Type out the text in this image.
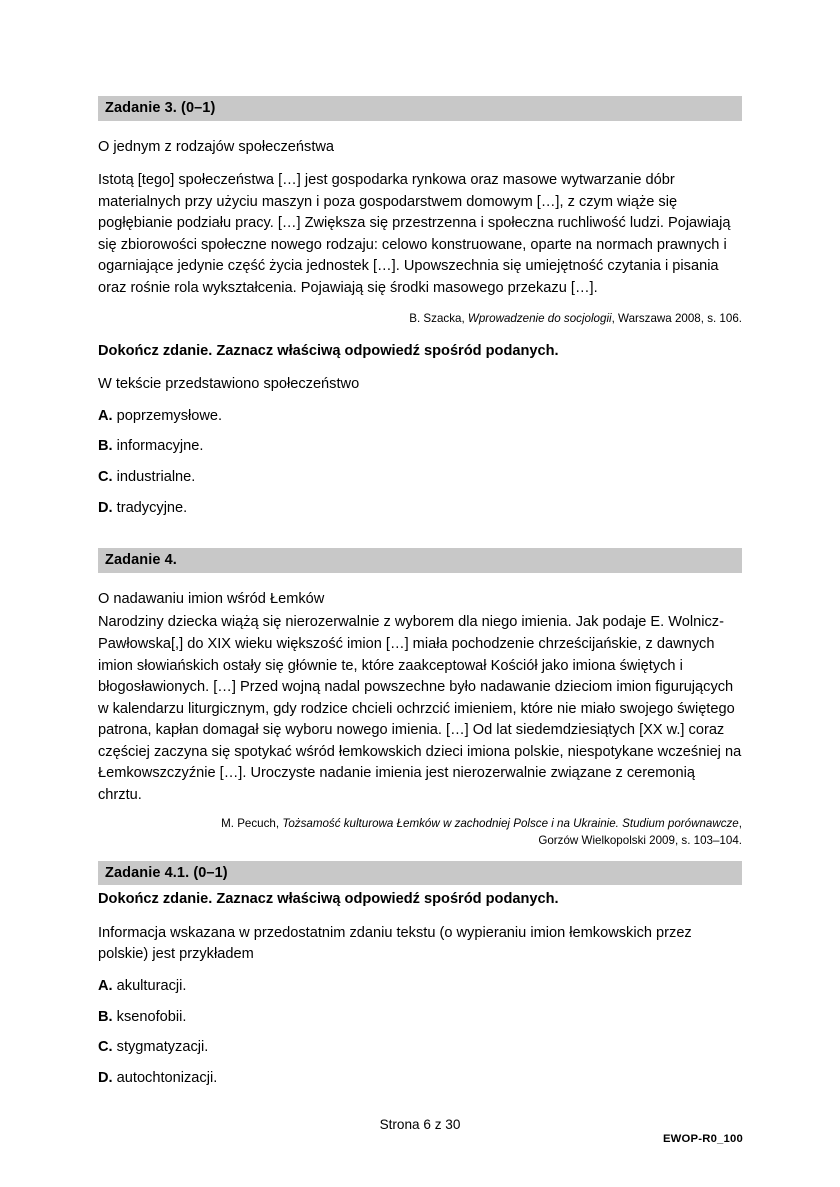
Zadanie 3. (0–1)
O jednym z rodzajów społeczeństwa
Istotą [tego] społeczeństwa […] jest gospodarka rynkowa oraz masowe wytwarzanie dóbr materialnych przy użyciu maszyn i poza gospodarstwem domowym […], z czym wiąże się pogłębianie podziału pracy. […] Zwiększa się przestrzenna i społeczna ruchliwość ludzi. Pojawiają się zbiorowości społeczne nowego rodzaju: celowo konstruowane, oparte na normach prawnych i ogarniające jedynie część życia jednostek […]. Upowszechnia się umiejętność czytania i pisania oraz rośnie rola wykształcenia. Pojawiają się środki masowego przekazu […].
B. Szacka, Wprowadzenie do socjologii, Warszawa 2008, s. 106.
Dokończ zdanie. Zaznacz właściwą odpowiedź spośród podanych.
W tekście przedstawiono społeczeństwo
A. poprzemysłowe.
B. informacyjne.
C. industrialne.
D. tradycyjne.
Zadanie 4.
O nadawaniu imion wśród Łemków
Narodziny dziecka wiążą się nierozerwalnie z wyborem dla niego imienia. Jak podaje E. Wolnicz-Pawłowska[,] do XIX wieku większość imion […] miała pochodzenie chrześcijańskie, z dawnych imion słowiańskich ostały się głównie te, które zaakceptował Kościół jako imiona świętych i błogosławionych. […] Przed wojną nadal powszechne było nadawanie dzieciom imion figurujących w kalendarzu liturgicznym, gdy rodzice chcieli ochrzcić imieniem, które nie miało swojego świętego patrona, kapłan domagał się wyboru nowego imienia. […] Od lat siedemdziesiątych [XX w.] coraz częściej zaczyna się spotykać wśród łemkowskich dzieci imiona polskie, niespotykane wcześniej na Łemkowszczyźnie […]. Uroczyste nadanie imienia jest nierozerwalnie związane z ceremonią chrztu.
M. Pecuch, Tożsamość kulturowa Łemków w zachodniej Polsce i na Ukrainie. Studium porównawcze,
Gorzów Wielkopolski 2009, s. 103–104.
Zadanie 4.1. (0–1)
Dokończ zdanie. Zaznacz właściwą odpowiedź spośród podanych.
Informacja wskazana w przedostatnim zdaniu tekstu (o wypieraniu imion łemkowskich przez polskie) jest przykładem
A. akulturacji.
B. ksenofobii.
C. stygmatyzacji.
D. autochtonizacji.
Strona 6 z 30
EWOP-R0_100
